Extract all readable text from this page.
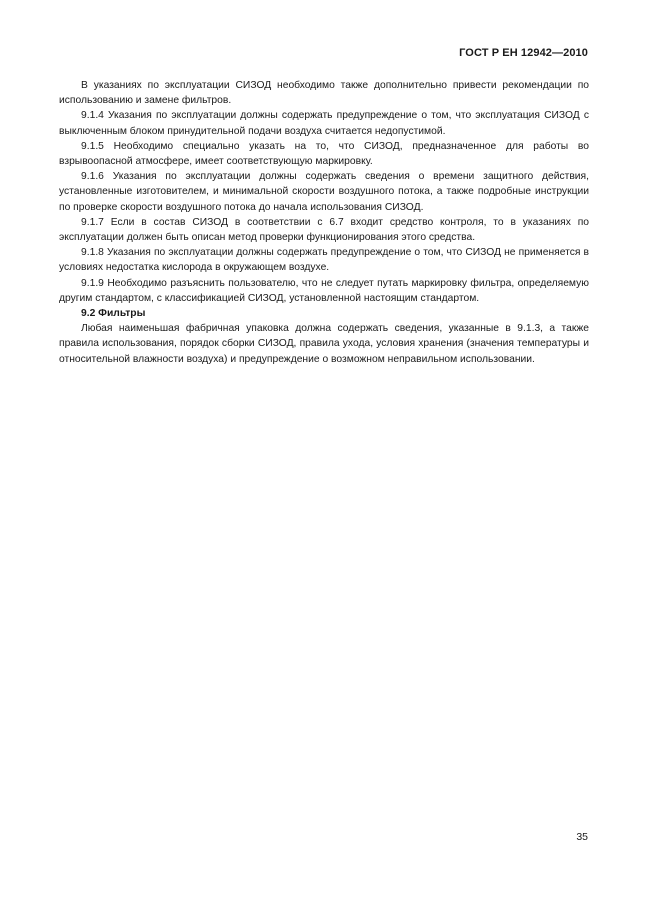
ГОСТ Р ЕН 12942—2010

В указаниях по эксплуатации СИЗОД необходимо также дополнительно привести рекомендации по использованию и замене фильтров.

9.1.4 Указания по эксплуатации должны содержать предупреждение о том, что эксплуатация СИЗОД с выключенным блоком принудительной подачи воздуха считается недопустимой.

9.1.5 Необходимо специально указать на то, что СИЗОД, предназначенное для работы во взрывоопасной атмосфере, имеет соответствующую маркировку.

9.1.6 Указания по эксплуатации должны содержать сведения о времени защитного действия, установленные изготовителем, и минимальной скорости воздушного потока, а также подробные инструкции по проверке скорости воздушного потока до начала использования СИЗОД.

9.1.7 Если в состав СИЗОД в соответствии с 6.7 входит средство контроля, то в указаниях по эксплуатации должен быть описан метод проверки функционирования этого средства.

9.1.8 Указания по эксплуатации должны содержать предупреждение о том, что СИЗОД не применяется в условиях недостатка кислорода в окружающем воздухе.

9.1.9 Необходимо разъяснить пользователю, что не следует путать маркировку фильтра, определяемую другим стандартом, с классификацией СИЗОД, установленной настоящим стандартом.

9.2 Фильтры

Любая наименьшая фабричная упаковка должна содержать сведения, указанные в 9.1.3, а также правила использования, порядок сборки СИЗОД, правила ухода, условия хранения (значения температуры и относительной влажности воздуха) и предупреждение о возможном неправильном использовании.

35
